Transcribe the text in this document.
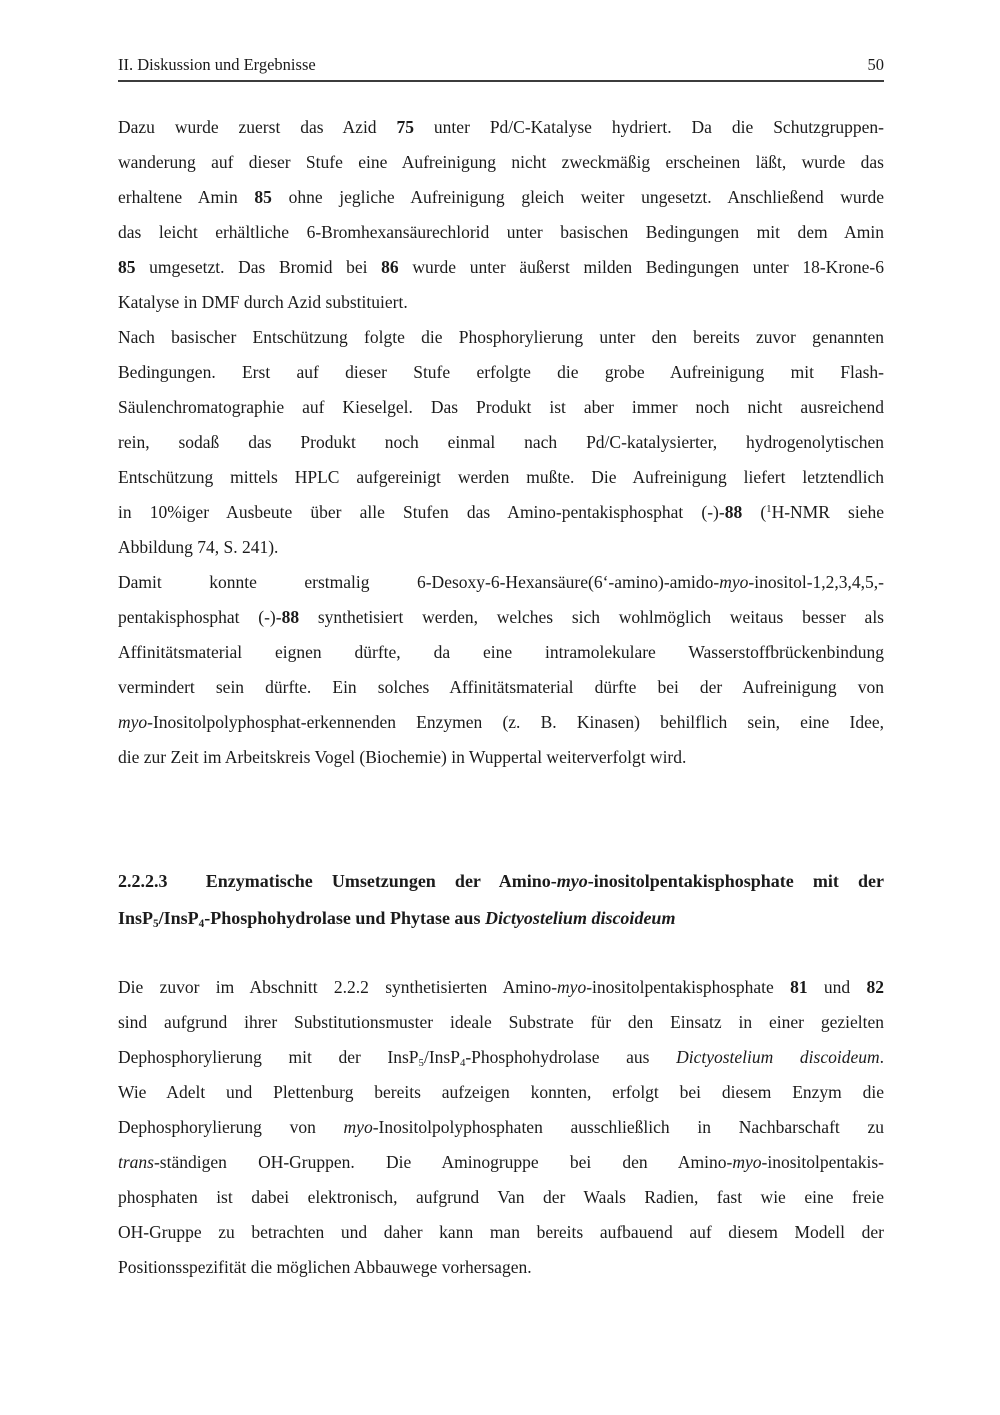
II. Diskussion und Ergebnisse	50
Dazu wurde zuerst das Azid 75 unter Pd/C-Katalyse hydriert. Da die Schutzgruppen-
wanderung auf dieser Stufe eine Aufreinigung nicht zweckmäßig erscheinen läßt, wurde das
erhaltene Amin 85 ohne jegliche Aufreinigung gleich weiter ungesetzt. Anschließend wurde
das leicht erhältliche 6-Bromhexansäurechlorid unter basischen Bedingungen mit dem Amin
85 umgesetzt. Das Bromid bei 86 wurde unter äußerst milden Bedingungen unter 18-Krone-6
Katalyse in DMF durch Azid substituiert.
Nach basischer Entschützung folgte die Phosphorylierung unter den bereits zuvor genannten
Bedingungen. Erst auf dieser Stufe erfolgte die grobe Aufreinigung mit Flash-
Säulenchromatographie auf Kieselgel. Das Produkt ist aber immer noch nicht ausreichend
rein, sodaß das Produkt noch einmal nach Pd/C-katalysierter, hydrogenolytischen
Entschützung mittels HPLC aufgereinigt werden mußte. Die Aufreinigung liefert letztendlich
in 10%iger Ausbeute über alle Stufen das Amino-pentakisphosphat (-)-88 ($^1$H-NMR siehe
Abbildung 74, S. 241).
Damit konnte erstmalig 6-Desoxy-6-Hexansäure(6‘-amino)-amido-myo-inositol-1,2,3,4,5,-
pentakisphosphat (-)-88 synthetisiert werden, welches sich wohlmöglich weitaus besser als
Affinitätsmaterial eignen dürfte, da eine intramolekulare Wasserstoffbrückenbindung
vermindert sein dürfte. Ein solches Affinitätsmaterial dürfte bei der Aufreinigung von
myo-Inositolpolyphosphat-erkennenden Enzymen (z. B. Kinasen) behilflich sein, eine Idee,
die zur Zeit im Arbeitskreis Vogel (Biochemie) in Wuppertal weiterverfolgt wird.
2.2.2.3  Enzymatische Umsetzungen der Amino-myo-inositolpentakisphosphate mit der
InsP5/InsP4-Phosphohydrolase und Phytase aus Dictyostelium discoideum
Die zuvor im Abschnitt 2.2.2 synthetisierten Amino-myo-inositolpentakisphosphate 81 und 82
sind aufgrund ihrer Substitutionsmuster ideale Substrate für den Einsatz in einer gezielten
Dephosphorylierung mit der InsP5/InsP4-Phosphohydrolase aus Dictyostelium discoideum.
Wie Adelt und Plettenburg bereits aufzeigen konnten, erfolgt bei diesem Enzym die
Dephosphorylierung von myo-Inositolpolyphosphaten ausschließlich in Nachbarschaft zu
trans-ständigen OH-Gruppen. Die Aminogruppe bei den Amino-myo-inositolpentakis-
phosphaten ist dabei elektronisch, aufgrund Van der Waals Radien, fast wie eine freie
OH-Gruppe zu betrachten und daher kann man bereits aufbauend auf diesem Modell der
Positionsspezifität die möglichen Abbauwege vorhersagen.
